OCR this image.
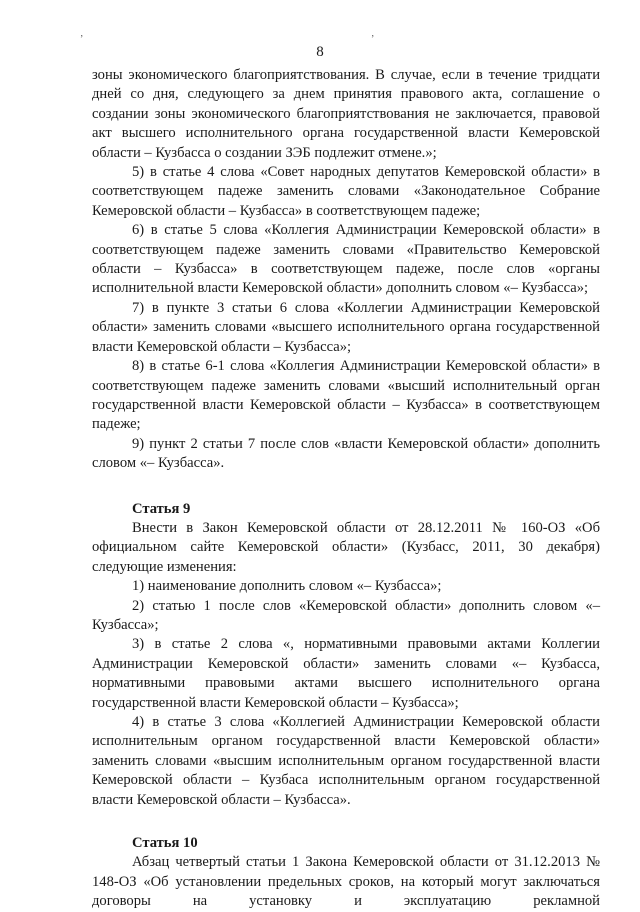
’	’
8

зоны экономического благоприятствования. В случае, если в течение тридцати дней со дня, следующего за днем принятия правового акта, соглашение о создании зоны экономического благоприятствования не заключается, правовой акт высшего исполнительного органа государственной власти Кемеровской области – Кузбасса о создании ЗЭБ подлежит отмене.»;

5) в статье 4 слова «Совет народных депутатов Кемеровской области» в соответствующем падеже заменить словами «Законодательное Собрание Кемеровской области – Кузбасса» в соответствующем падеже;

6) в статье 5 слова «Коллегия Администрации Кемеровской области» в соответствующем падеже заменить словами «Правительство Кемеровской области – Кузбасса» в соответствующем падеже, после слов «органы исполнительной власти Кемеровской области» дополнить словом «– Кузбасса»;

7) в пункте 3 статьи 6 слова «Коллегии Администрации Кемеровской области» заменить словами «высшего исполнительного органа государственной власти Кемеровской области – Кузбасса»;

8) в статье 6-1 слова «Коллегия Администрации Кемеровской области» в соответствующем падеже заменить словами «высший исполнительный орган государственной власти Кемеровской области – Кузбасса» в соответствующем падеже;

9) пункт 2 статьи 7 после слов «власти Кемеровской области» дополнить словом «– Кузбасса».

Статья 9

Внести в Закон Кемеровской области от 28.12.2011 № 160-ОЗ «Об официальном сайте Кемеровской области» (Кузбасс, 2011, 30 декабря) следующие изменения:

1) наименование дополнить словом «– Кузбасса»;

2) статью 1 после слов «Кемеровской области» дополнить словом «– Кузбасса»;

3) в статье 2 слова «, нормативными правовыми актами Коллегии Администрации Кемеровской области» заменить словами «– Кузбасса, нормативными правовыми актами высшего исполнительного органа государственной власти Кемеровской области – Кузбасса»;

4) в статье 3 слова «Коллегией Администрации Кемеровской области исполнительным органом государственной власти Кемеровской области» заменить словами «высшим исполнительным органом государственной власти Кемеровской области – Кузбаса исполнительным органом государственной власти Кемеровской области – Кузбасса».

Статья 10

Абзац четвертый статьи 1 Закона Кемеровской области от 31.12.2013 № 148-ОЗ «Об установлении предельных сроков, на который могут заключаться договоры на установку и эксплуатацию рекламной
